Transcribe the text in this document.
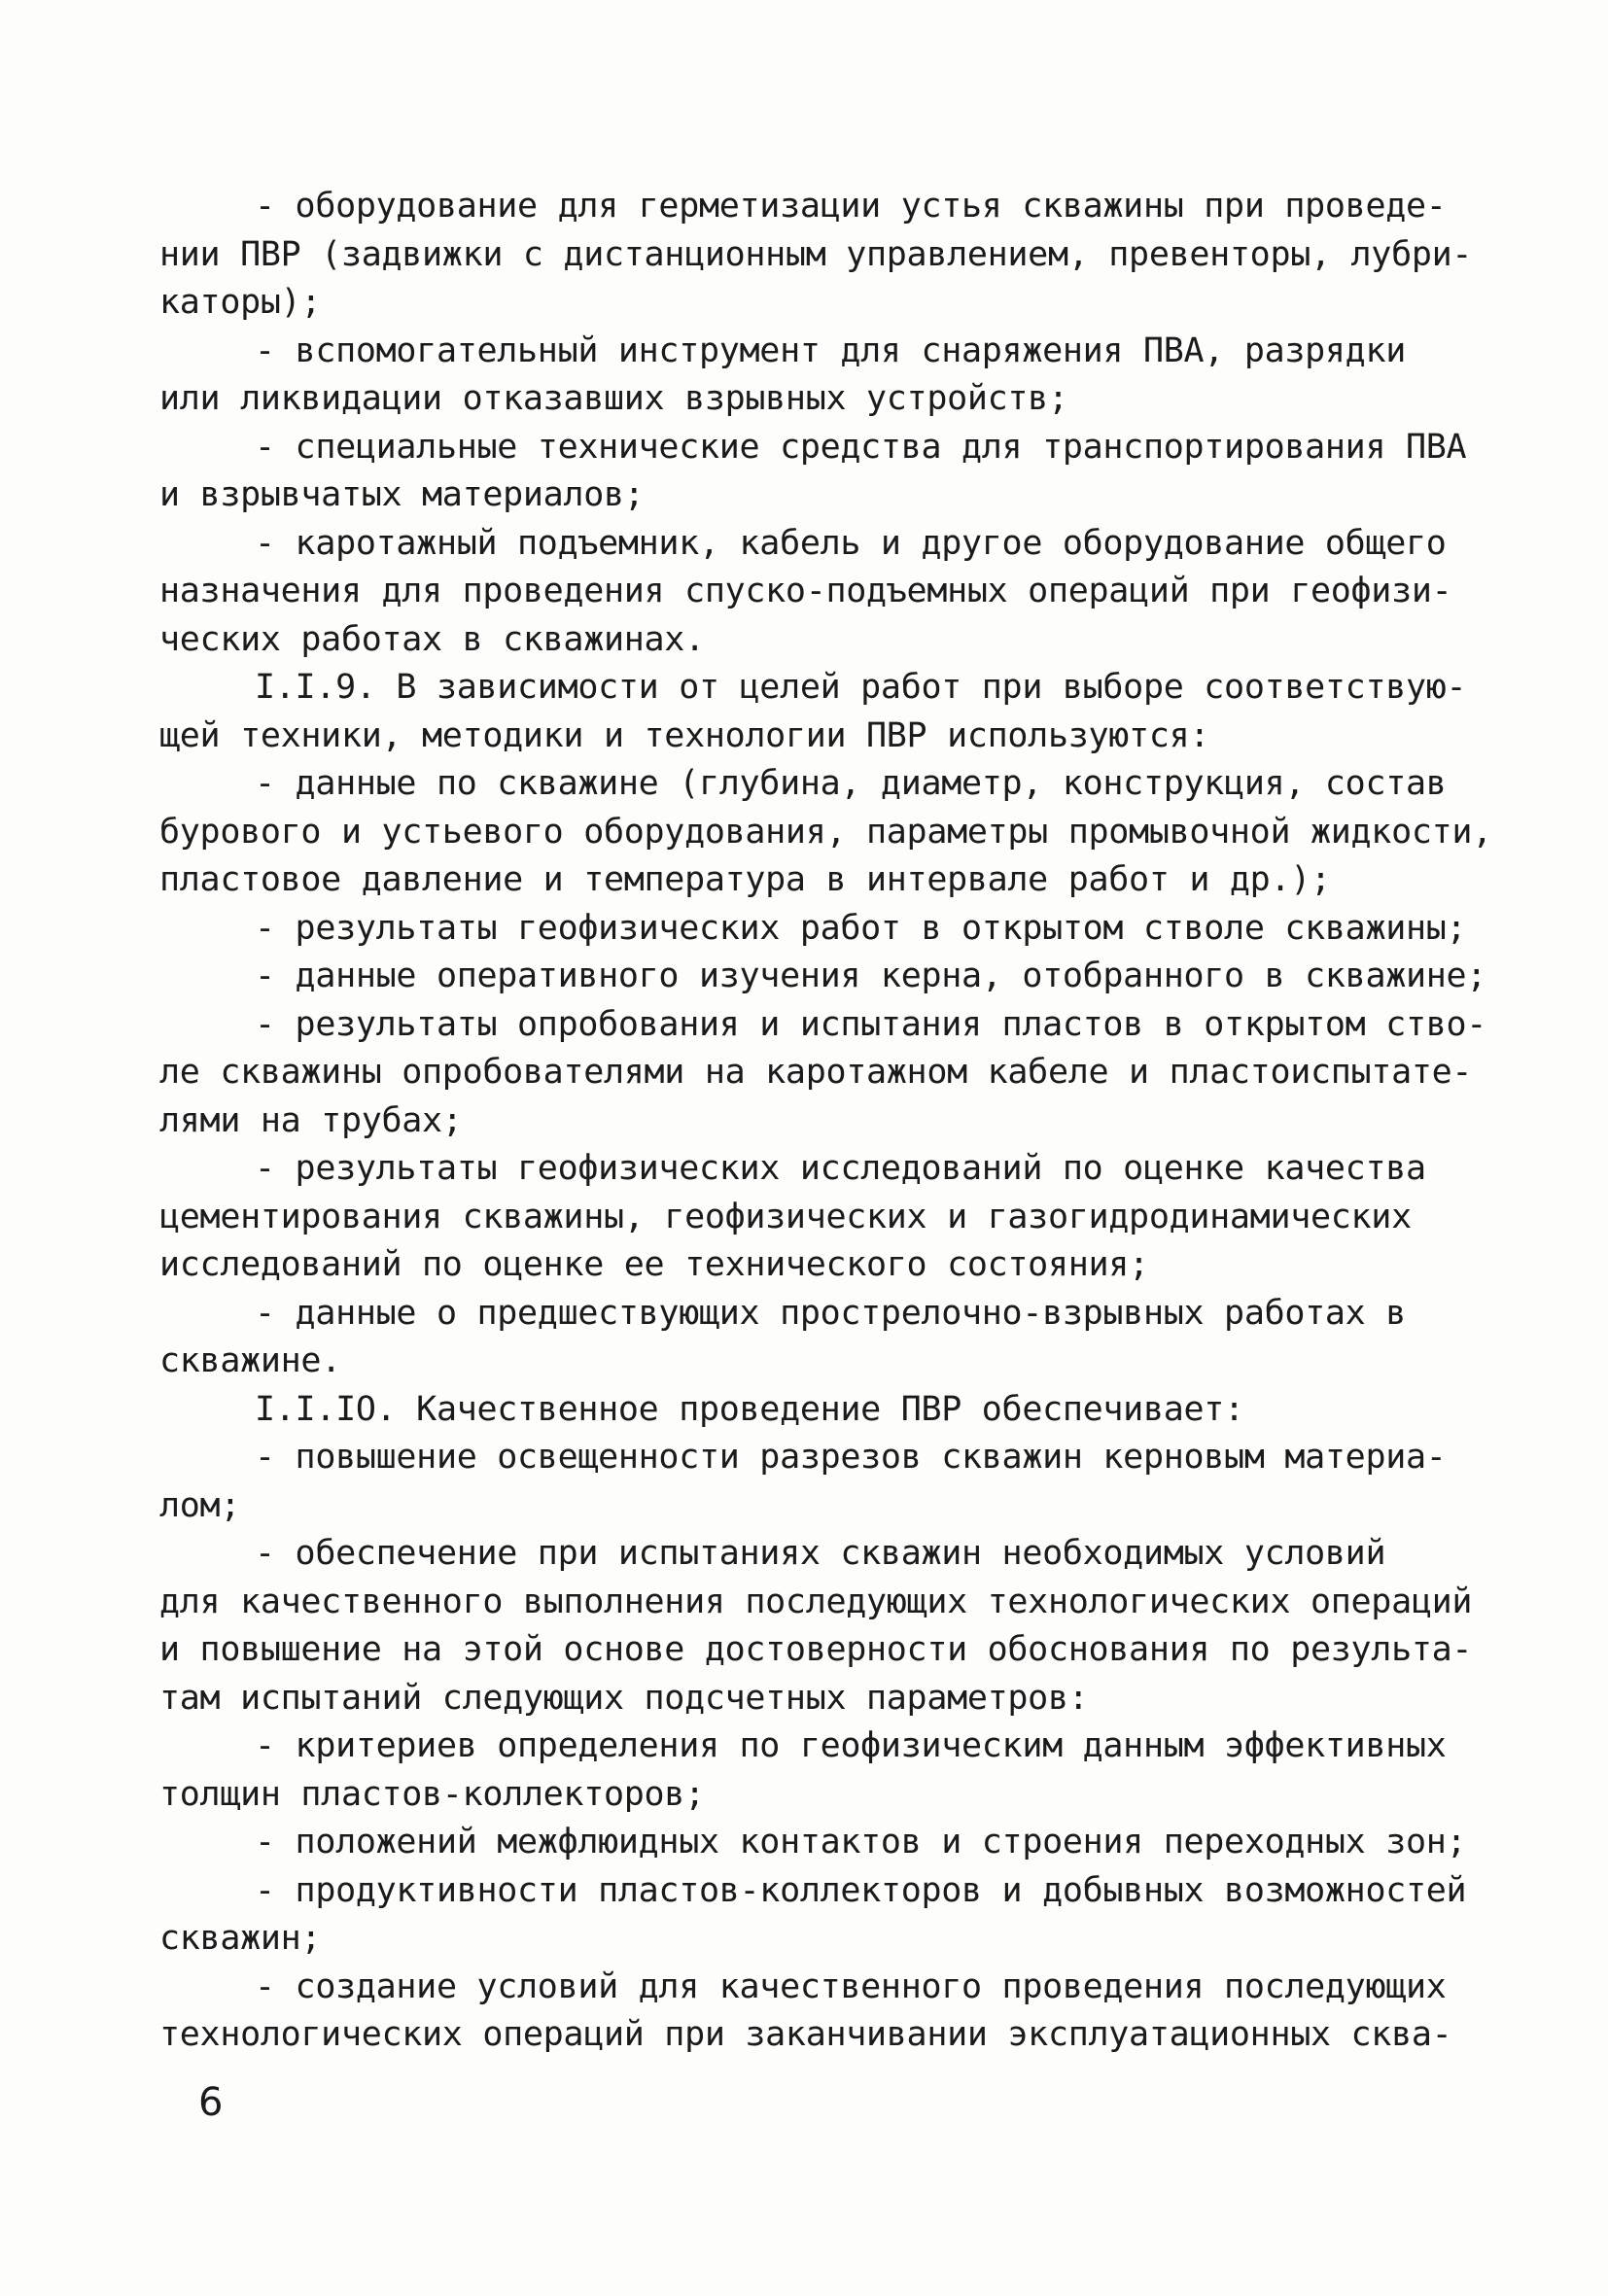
- оборудование для герметизации устья скважины при проведе-
нии ПВР (задвижки с дистанционным управлением, превенторы, лубри-
каторы);
- вспомогательный инструмент для снаряжения ПВА, разрядки
или ликвидации отказавших взрывных устройств;
- специальные технические средства для транспортирования ПВА
и взрывчатых материалов;
- каротажный подъемник, кабель и другое оборудование общего
назначения для проведения спуско-подъемных операций при геофизи-
ческих работах в скважинах.
I.I.9. В зависимости от целей работ при выборе соответствую-
щей техники, методики и технологии ПВР используются:
- данные по скважине (глубина, диаметр, конструкция, состав
бурового и устьевого оборудования, параметры промывочной жидкости,
пластовое давление и температура в интервале работ и др.);
- результаты геофизических работ в открытом стволе скважины;
- данные оперативного изучения керна, отобранного в скважине;
- результаты опробования и испытания пластов в открытом ство-
ле скважины опробователями на каротажном кабеле и пластоиспытате-
лями на трубах;
- результаты геофизических исследований по оценке качества
цементирования скважины, геофизических и газогидродинамических
исследований по оценке ее технического состояния;
- данные о предшествующих прострелочно-взрывных работах в
скважине.
I.I.IO. Качественное проведение ПВР обеспечивает:
- повышение освещенности разрезов скважин керновым материа-
лом;
- обеспечение при испытаниях скважин необходимых условий
для качественного выполнения последующих технологических операций
и повышение на этой основе достоверности обоснования по результа-
там испытаний следующих подсчетных параметров:
- критериев определения по геофизическим данным эффективных
толщин пластов-коллекторов;
- положений межфлюидных контактов и строения переходных зон;
- продуктивности пластов-коллекторов и добывных возможностей
скважин;
- создание условий для качественного проведения последующих
технологических операций при заканчивании эксплуатационных сква-
6
